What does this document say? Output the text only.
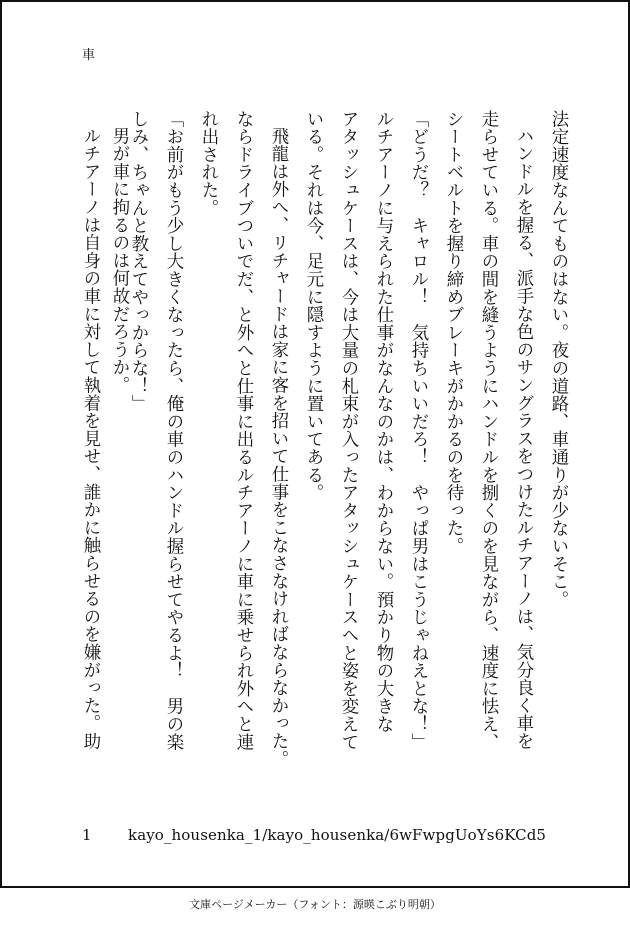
車
法定速度なんてものはない。夜の道路、車通りが少ないそこ。
ハンドルを握る、派手な色のサングラスをつけたルチアーノは、気分良く車を
走らせている。車の間を縫うようにハンドルを捌くのを見ながら、速度に怯え、
シートベルトを握り締めブレーキがかかるのを待った。
「どうだ？　キャロル！　気持ちいいだろ！　やっぱ男はこうじゃねえとな！」
ルチアーノに与えられた仕事がなんなのかは、わからない。預かり物の大きな
アタッシュケースは、今は大量の札束が入ったアタッシュケースへと姿を変えて
いる。それは今、足元に隠すように置いてある。
飛龍は外へ、リチャードは家に客を招いて仕事をこなさなければならなかった。
ならドライブついでだ、と外へと仕事に出るルチアーノに車に乗せられ外へと連
れ出された。
「お前がもう少し大きくなったら、俺の車のハンドル握らせてやるよ！　男の楽
しみ、ちゃんと教えてやっからな！」
男が車に拘るのは何故だろうか。
ルチアーノは自身の車に対して執着を見せ、誰かに触らせるのを嫌がった。助
1 kayo_housenka_1/kayo_housenka/6wFwpgUoYs6KCd5
文庫ページメーカー（フォント：源暎こぶり明朝）
